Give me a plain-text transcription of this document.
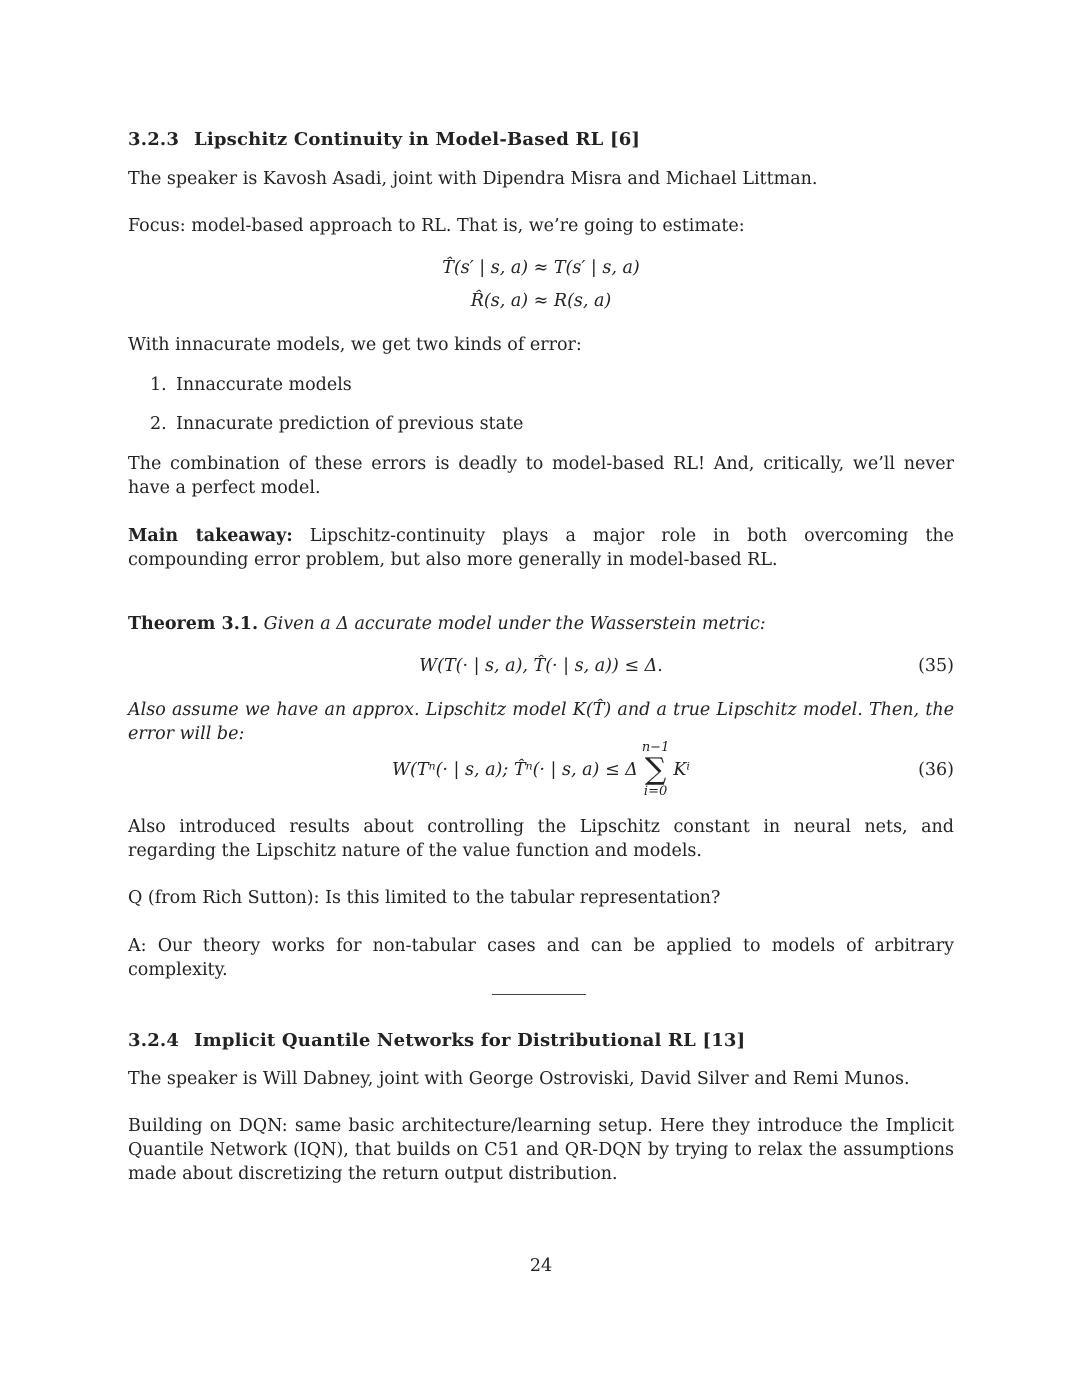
3.2.3 Lipschitz Continuity in Model-Based RL [6]
The speaker is Kavosh Asadi, joint with Dipendra Misra and Michael Littman.
Focus: model-based approach to RL. That is, we’re going to estimate:
T̂(s′ | s, a) ≈ T(s′ | s, a)
R̂(s, a) ≈ R(s, a)
With innacurate models, we get two kinds of error:
1. Innaccurate models
2. Innacurate prediction of previous state
The combination of these errors is deadly to model-based RL! And, critically, we’ll never have a perfect model.
Main takeaway: Lipschitz-continuity plays a major role in both overcoming the compounding error problem, but also more generally in model-based RL.
Theorem 3.1. Given a Δ accurate model under the Wasserstein metric:
W(T(· | s, a), T̂(· | s, a)) ≤ Δ.	(35)
Also assume we have an approx. Lipschitz model K(T̂) and a true Lipschitz model. Then, the error will be:
W(Tⁿ(· | s, a); T̂ⁿ(· | s, a) ≤ Δ
n−1
∑
i=0
Kⁱ	(36)
Also introduced results about controlling the Lipschitz constant in neural nets, and regarding the Lipschitz nature of the value function and models.
Q (from Rich Sutton): Is this limited to the tabular representation?
A: Our theory works for non-tabular cases and can be applied to models of arbitrary complexity.
3.2.4 Implicit Quantile Networks for Distributional RL [13]
The speaker is Will Dabney, joint with George Ostroviski, David Silver and Remi Munos.
Building on DQN: same basic architecture/learning setup. Here they introduce the Implicit Quantile Network (IQN), that builds on C51 and QR-DQN by trying to relax the assumptions made about discretizing the return output distribution.
24
